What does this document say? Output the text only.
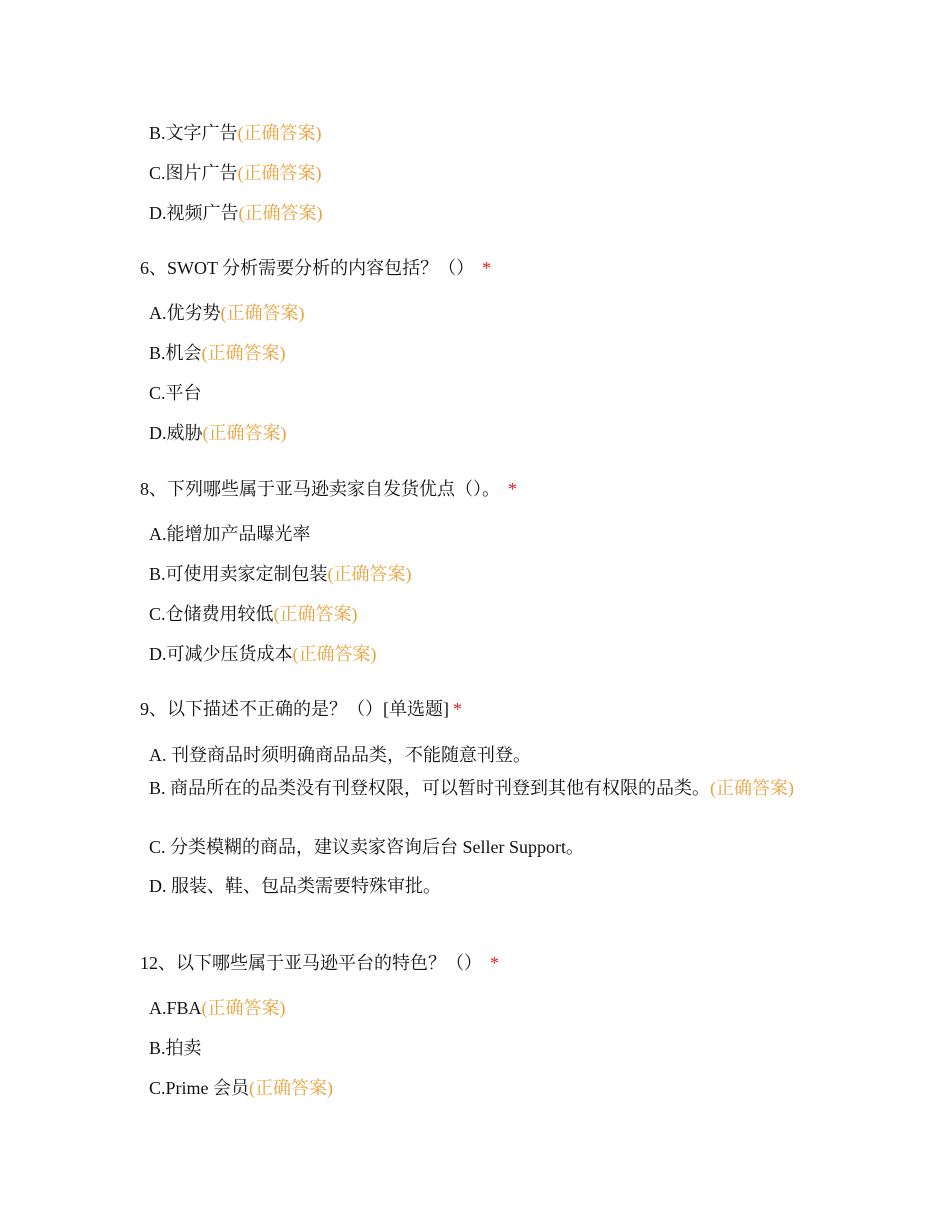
B.文字广告(正确答案)
C.图片广告(正确答案)
D.视频广告(正确答案)
6、SWOT 分析需要分析的内容包括？（） *
A.优劣势(正确答案)
B.机会(正确答案)
C.平台
D.威胁(正确答案)
8、下列哪些属于亚马逊卖家自发货优点（）。 *
A.能增加产品曝光率
B.可使用卖家定制包装(正确答案)
C.仓储费用较低(正确答案)
D.可减少压货成本(正确答案)
9、以下描述不正确的是？（）[单选题] *
A. 刊登商品时须明确商品品类，不能随意刊登。
B. 商品所在的品类没有刊登权限，可以暂时刊登到其他有权限的品类。(正确答案)
C. 分类模糊的商品，建议卖家咨询后台 Seller Support。
D. 服装、鞋、包品类需要特殊审批。
12、以下哪些属于亚马逊平台的特色？（） *
A.FBA(正确答案)
B.拍卖
C.Prime 会员(正确答案)
